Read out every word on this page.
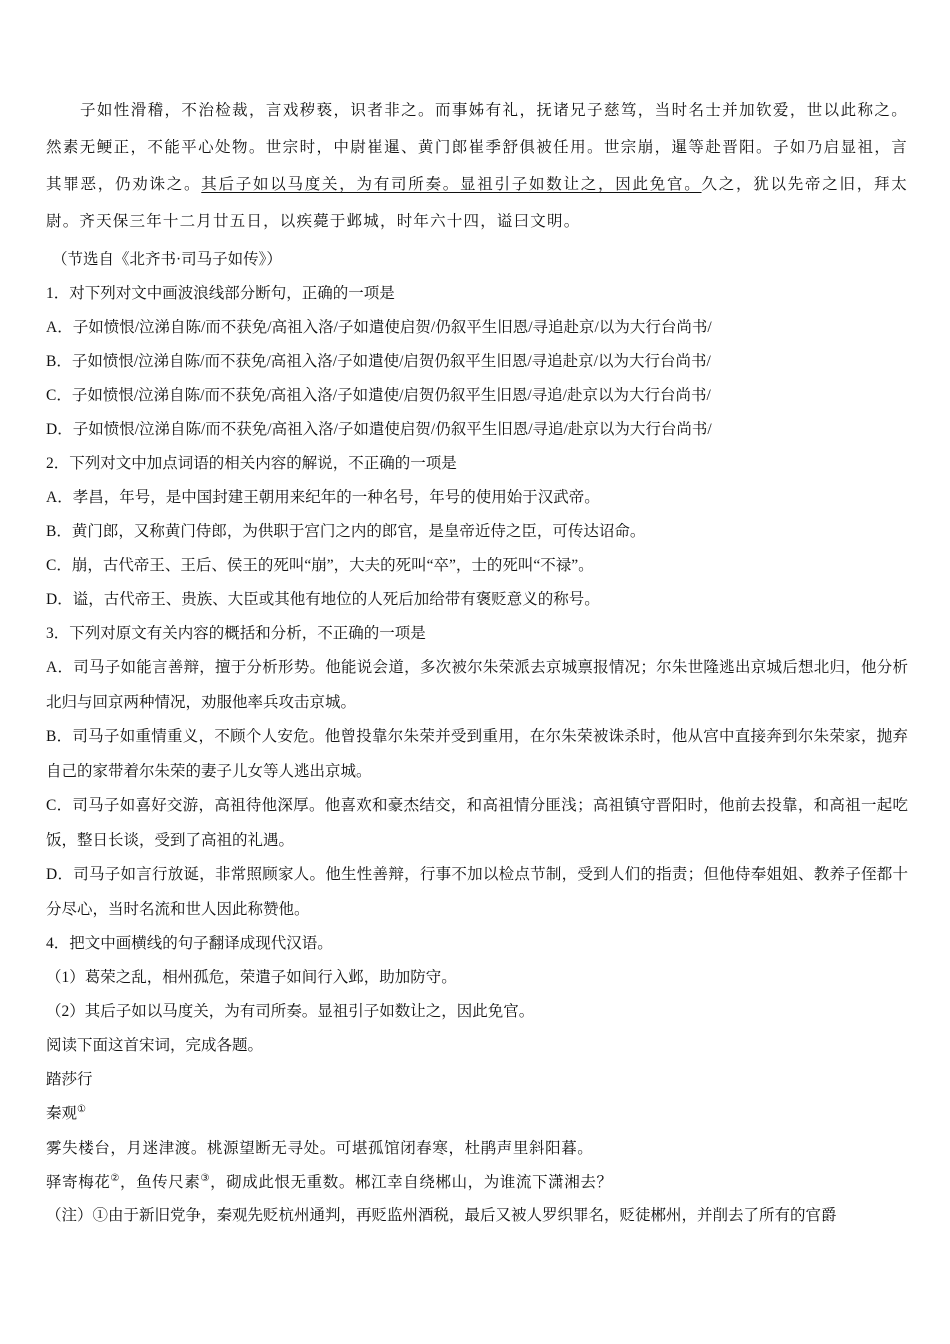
子如性滑稽，不治检裁，言戏秽亵，识者非之。而事姊有礼，抚诸兄子慈笃，当时名士并加钦爱，世以此称之。然素无鲠正，不能平心处物。世宗时，中尉崔暹、黄门郎崔季舒俱被任用。世宗崩，暹等赴晋阳。子如乃启显祖，言其罪恶，仍劝诛之。其后子如以马度关，为有司所奏。显祖引子如数让之，因此免官。久之，犹以先帝之旧，拜太尉。齐天保三年十二月廿五日，以疾薨于邺城，时年六十四，谥曰文明。

（节选自《北齐书·司马子如传》）

1．对下列对文中画波浪线部分断句，正确的一项是

A．子如愤恨/泣涕自陈/而不获免/高祖入洛/子如遣使启贺/仍叙平生旧恩/寻追赴京/以为大行台尚书/

B．子如愤恨/泣涕自陈/而不获免/高祖入洛/子如遣使/启贺仍叙平生旧恩/寻追赴京/以为大行台尚书/

C．子如愤恨/泣涕自陈/而不获免/高祖入洛/子如遣使/启贺仍叙平生旧恩/寻追/赴京以为大行台尚书/

D．子如愤恨/泣涕自陈/而不获免/高祖入洛/子如遣使启贺/仍叙平生旧恩/寻追/赴京以为大行台尚书/

2．下列对文中加点词语的相关内容的解说，不正确的一项是

A．孝昌，年号，是中国封建王朝用来纪年的一种名号，年号的使用始于汉武帝。

B．黄门郎，又称黄门侍郎，为供职于宫门之内的郎官，是皇帝近侍之臣，可传达诏命。

C．崩，古代帝王、王后、侯王的死叫“崩”，大夫的死叫“卒”，士的死叫“不禄”。

D．谥，古代帝王、贵族、大臣或其他有地位的人死后加给带有褒贬意义的称号。

3．下列对原文有关内容的概括和分析，不正确的一项是

A．司马子如能言善辩，擅于分析形势。他能说会道，多次被尔朱荣派去京城禀报情况；尔朱世隆逃出京城后想北归，他分析北归与回京两种情况，劝服他率兵攻击京城。

B．司马子如重情重义，不顾个人安危。他曾投靠尔朱荣并受到重用，在尔朱荣被诛杀时，他从宫中直接奔到尔朱荣家，抛弃自己的家带着尔朱荣的妻子儿女等人逃出京城。

C．司马子如喜好交游，高祖待他深厚。他喜欢和豪杰结交，和高祖情分匪浅；高祖镇守晋阳时，他前去投靠，和高祖一起吃饭，整日长谈，受到了高祖的礼遇。

D．司马子如言行放诞，非常照顾家人。他生性善辩，行事不加以检点节制，受到人们的指责；但他侍奉姐姐、教养子侄都十分尽心，当时名流和世人因此称赞他。

4．把文中画横线的句子翻译成现代汉语。

（1）葛荣之乱，相州孤危，荣遣子如间行入邺，助加防守。

（2）其后子如以马度关，为有司所奏。显祖引子如数让之，因此免官。

阅读下面这首宋词，完成各题。

踏莎行

秦观①

雾失楼台，月迷津渡。桃源望断无寻处。可堪孤馆闭春寒，杜鹃声里斜阳暮。

驿寄梅花②，鱼传尺素③，砌成此恨无重数。郴江幸自绕郴山，为谁流下潇湘去？

（注）①由于新旧党争，秦观先贬杭州通判，再贬监州酒税，最后又被人罗织罪名，贬徒郴州，并削去了所有的官爵
